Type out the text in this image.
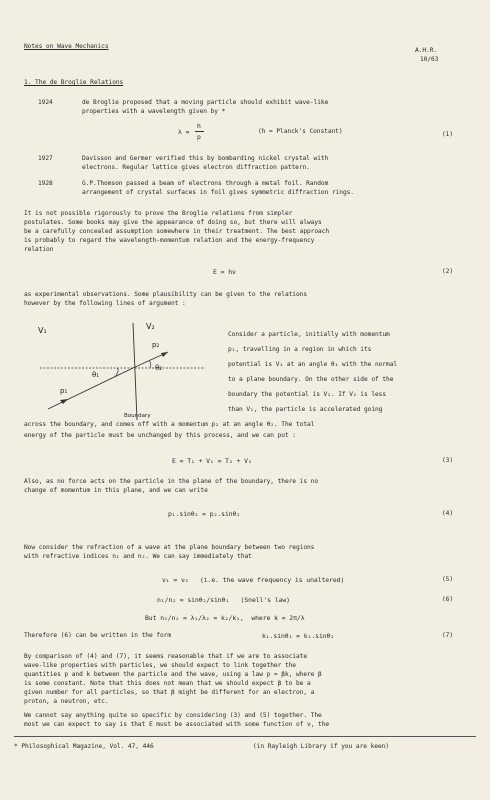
Notes on Wave Mechanics
A.H.R.
10/63
1. The de Broglie Relations
1924	de Broglie proposed that a moving particle should exhibit wave-like
properties with a wavelength given by *
λ =
h
p
(h = Planck's Constant)	(1)
1927	Davisson and Germer verified this by bombarding nickel crystal with
electrons. Regular lattice gives electron diffraction pattern.
1928	G.P.Thomson passed a beam of electrons through a metal foil. Random
arrangement of crystal surfaces in foil gives symmetric diffraction rings.
It is not possible rigorously to prove the Broglie relations from simpler
postulates. Some books may give the appearance of doing so, but there will always
be a carefully concealed assumption somewhere in their treatment. The best approach
is probably to regard the wavelength-momentum relation and the energy-frequency
relation
E = hν	(2)
as experimental observations. Some plausibility can be given to the relations
however by the following lines of argument :
V₁	V₂
θ₁
θ₂
p₁
p₂
Boundary
Consider a particle, initially with momentum
p₁, travelling in a region in which its
potential is V₁ at an angle θ₁ with the normal
to a plane boundary. On the other side of the
boundary the potential is V₂. If V₂ is less
than V₁, the particle is accelerated going
across the boundary, and comes off with a momentum p₂ at an angle θ₂. The total
energy of the particle must be unchanged by this process, and we can put :
E = T₁ + V₁ = T₂ + V₂	(3)
Also, as no force acts on the particle in the plane of the boundary, there is no
change of momentum in this plane, and we can write
p₁.sinθ₁ = p₂.sinθ₂	(4)
Now consider the refraction of a wave at the plane boundary between two regions
with refractive indices n₁ and n₂. We can say immediately that
ν₁ = ν₂   (i.e. the wave frequency is unaltered)	(5)
n₁/n₂ = sinθ₂/sinθ₁   (Snell's law)	(6)
But n₁/n₂ = λ₁/λ₂ = k₂/k₁,  where k = 2π/λ
Therefore (6) can be written in the form	k₁.sinθ₁ = k₂.sinθ₂	(7)
By comparison of (4) and (7), it seems reasonable that if we are to associate
wave-like properties with particles, we should expect to link together the
quantities p and k between the particle and the wave, using a law p = βk, where β
is some constant. Note that this does not mean that we should expect β to be a
given number for all particles, so that β might be different for an electron, a
proton, a neutron, etc.
We cannot say anything quite so specific by considering (3) and (5) together. The
most we can expect to say is that E must be associated with some function of ν, the
* Philosophical Magazine, Vol. 47, 446	(in Rayleigh Library if you are keen)
